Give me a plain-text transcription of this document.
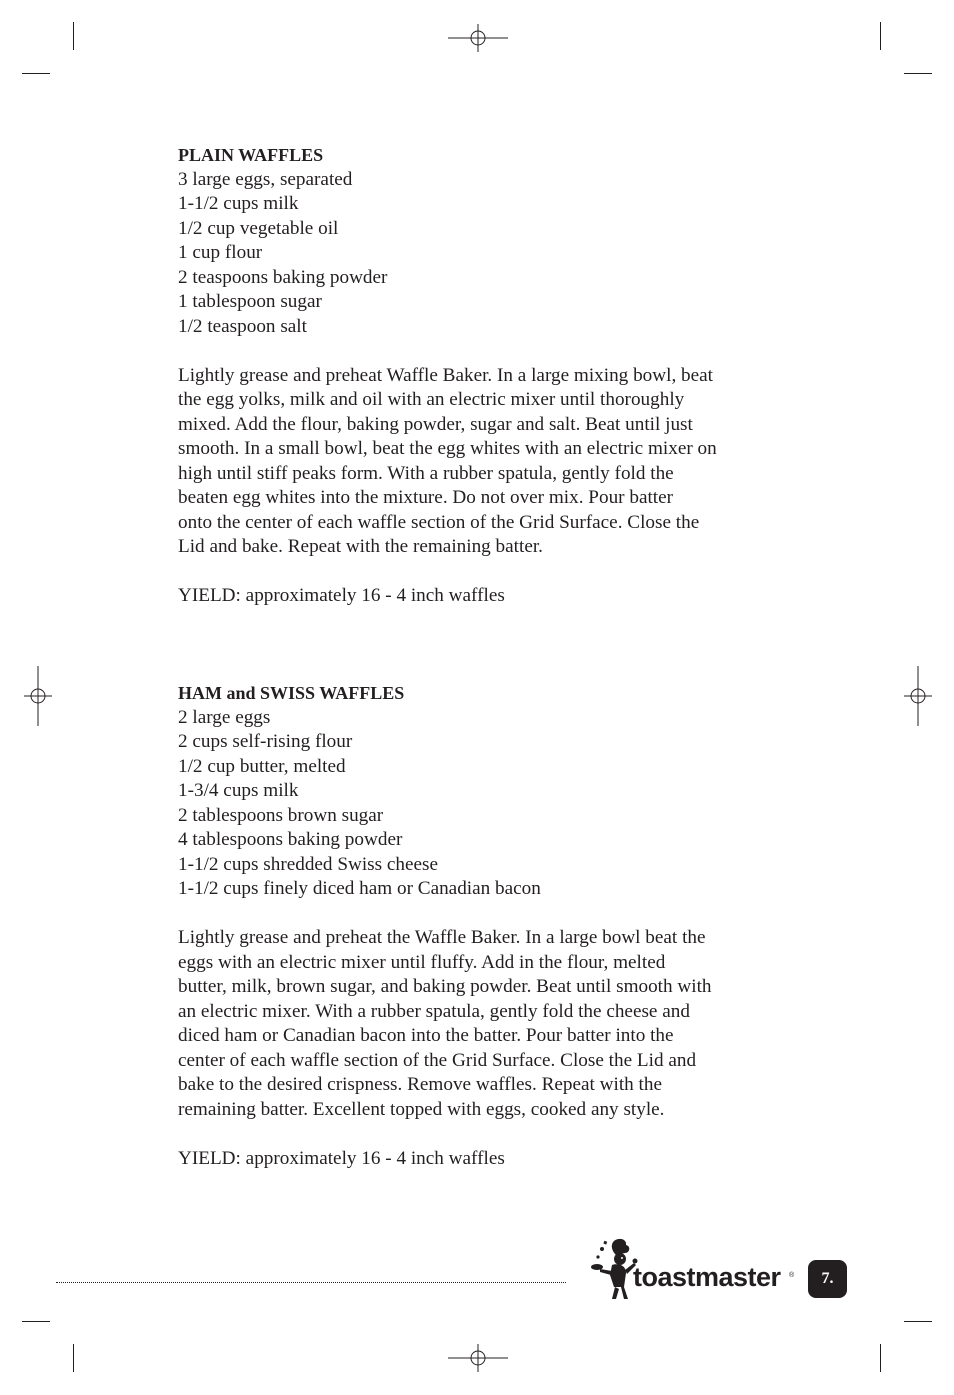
PLAIN WAFFLES
3 large eggs, separated
1-1/2 cups milk
1/2 cup vegetable oil
1 cup flour
2 teaspoons baking powder
1 tablespoon sugar
1/2 teaspoon salt
Lightly grease and preheat Waffle Baker. In a large mixing bowl, beat
the egg yolks, milk and oil with an electric mixer until thoroughly
mixed. Add the flour, baking powder, sugar and salt. Beat until just
smooth. In a small bowl, beat the egg whites with an electric mixer on
high until stiff peaks form. With a rubber spatula, gently fold the
beaten egg whites into the mixture. Do not over mix. Pour batter
onto the center of each waffle section of the Grid Surface. Close the
Lid and bake. Repeat with the remaining batter.
YIELD: approximately 16 - 4 inch waffles
HAM and SWISS WAFFLES
2 large eggs
2 cups self-rising flour
1/2 cup butter, melted
1-3/4 cups milk
2 tablespoons brown sugar
4 tablespoons baking powder
1-1/2 cups shredded Swiss cheese
1-1/2 cups finely diced ham or Canadian bacon
Lightly grease and preheat the Waffle Baker. In a large bowl beat the
eggs with an electric mixer until fluffy. Add in the flour, melted
butter, milk, brown sugar, and baking powder. Beat until smooth with
an electric mixer. With a rubber spatula, gently fold the cheese and
diced ham or Canadian bacon into the batter. Pour batter into the
center of each waffle section of the Grid Surface. Close the Lid and
bake to the desired crispness. Remove waffles. Repeat with the
remaining batter. Excellent topped with eggs, cooked any style.
YIELD: approximately 16 - 4 inch waffles
toastmaster ® 7.
